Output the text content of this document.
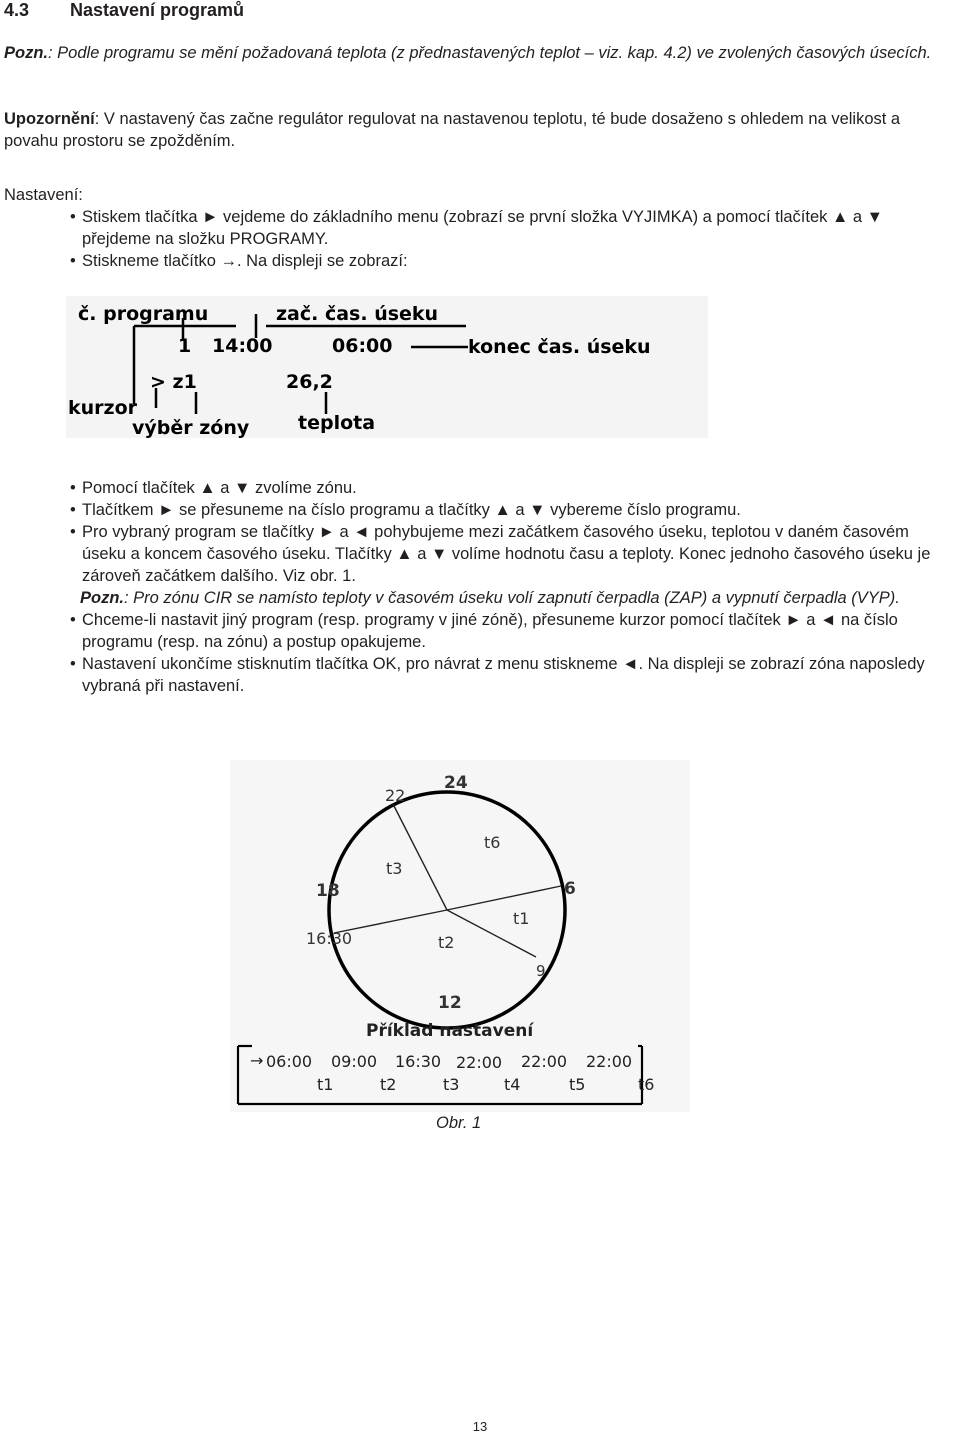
4.3 Nastavení programů
Pozn.: Podle programu se mění požadovaná teplota (z přednastavených teplot – viz. kap. 4.2) ve zvolených časových úsecích.
Upozornění: V nastavený čas začne regulátor regulovat na nastavenou teplotu, té bude dosaženo s ohledem na velikost a povahu prostoru se zpožděním.
Nastavení:
• Stiskem tlačítka ► vejdeme do základního menu (zobrazí se první složka VYJIMKA) a pomocí tlačítek ▲ a ▼ přejdeme na složku PROGRAMY.
• Stiskneme tlačítko →. Na displeji se zobrazí:
č. programu	zač. čas. úseku
1 14:00	06:00	konec čas. úseku
> z1	26,2
kurzor
výběr zóny	teplota
• Pomocí tlačítek ▲ a ▼ zvolíme zónu.
• Tlačítkem ► se přesuneme na číslo programu a tlačítky ▲ a ▼ vybereme číslo programu.
• Pro vybraný program se tlačítky ► a ◄ pohybujeme mezi začátkem časového úseku, teplotou v daném časovém úseku a koncem časového úseku. Tlačítky ▲ a ▼ volíme hodnotu času a teploty. Konec jednoho časového úseku je zároveň začátkem dalšího. Viz obr. 1.
Pozn.: Pro zónu CIR se namísto teploty v časovém úseku volí zapnutí čerpadla (ZAP) a vypnutí čerpadla (VYP).
• Chceme-li nastavit jiný program (resp. programy v jiné zóně), přesuneme kurzor pomocí tlačítek ► a ◄ na číslo programu (resp. na zónu) a postup opakujeme.
• Nastavení ukončíme stisknutím tlačítka OK, pro návrat z menu stiskneme ◄. Na displeji se zobrazí zóna naposledy vybraná při nastavení.
24
22
6
18
16:30
9
12
t1
t2
t3
t6
Příklad nastavení
→ 06:00 09:00 16:30 22:00 22:00 22:00
t1	t2	t3	t4	t5	t6
Obr. 1
13
